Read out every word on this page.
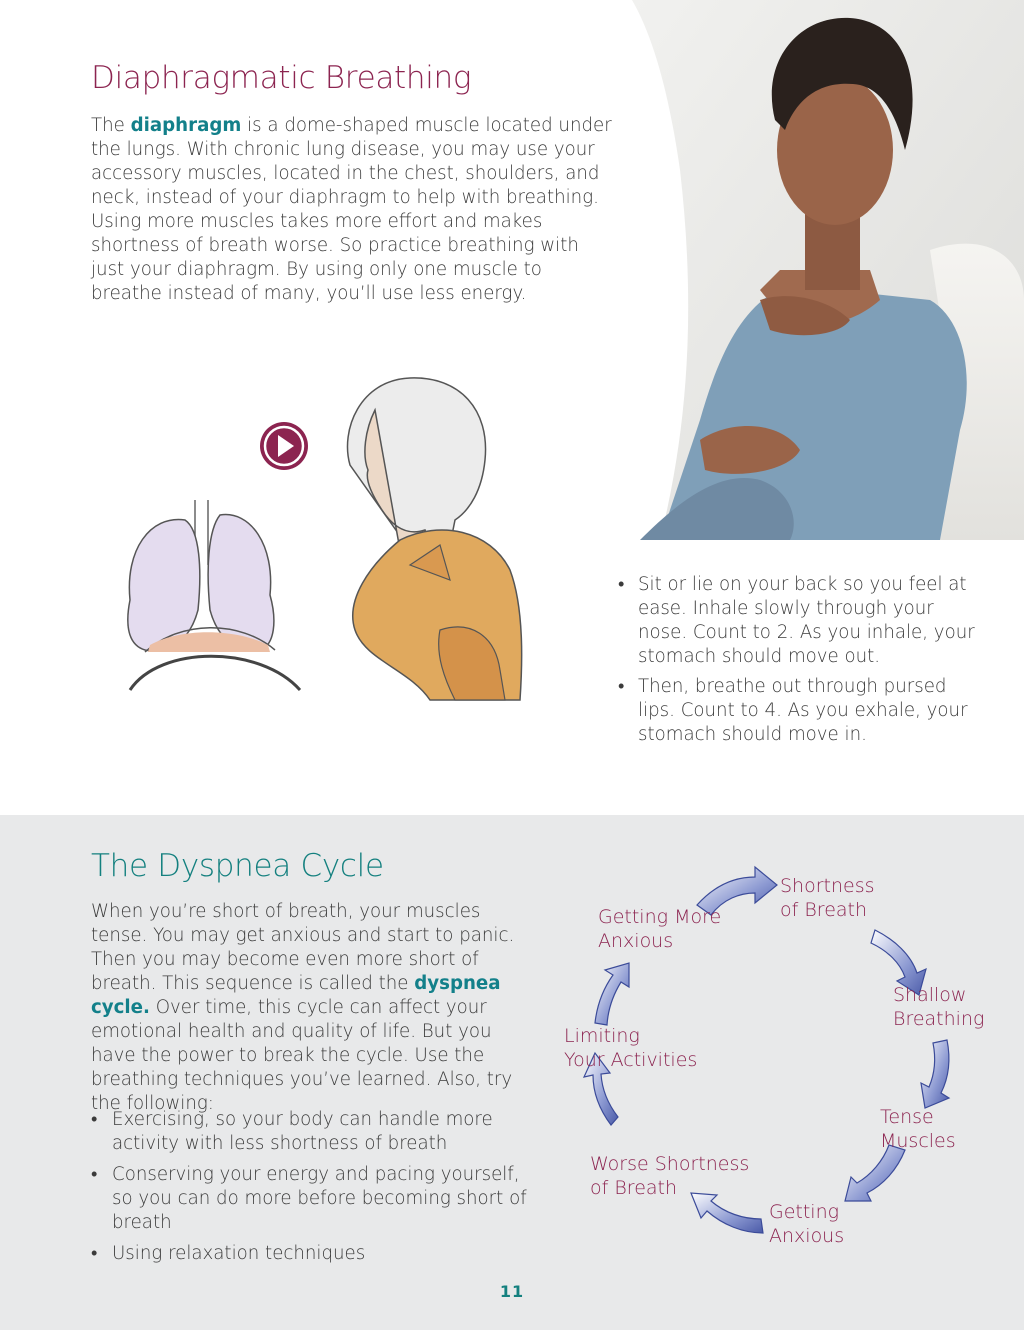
Diaphragmatic Breathing

The diaphragm is a dome-shaped muscle located under the lungs. With chronic lung disease, you may use your accessory muscles, located in the chest, shoulders, and neck, instead of your diaphragm to help with breathing. Using more muscles takes more effort and makes shortness of breath worse. So practice breathing with just your diaphragm. By using only one muscle to breathe instead of many, you’ll use less energy.

• Sit or lie on your back so you feel at ease. Inhale slowly through your nose. Count to 2. As you inhale, your stomach should move out.
• Then, breathe out through pursed lips. Count to 4. As you exhale, your stomach should move in.
The Dyspnea Cycle

When you’re short of breath, your muscles tense. You may get anxious and start to panic. Then you may become even more short of breath. This sequence is called the dyspnea cycle. Over time, this cycle can affect your emotional health and quality of life. But you have the power to break the cycle. Use the breathing techniques you’ve learned. Also, try the following:

• Exercising, so your body can handle more activity with less shortness of breath
• Conserving your energy and pacing yourself, so you can do more before becoming short of breath
• Using relaxation techniques
Shortness
of Breath
Shallow
Breathing
Tense
Muscles
Getting
Anxious
Worse Shortness
of Breath
Limiting
Your Activities
Getting More
Anxious
11
